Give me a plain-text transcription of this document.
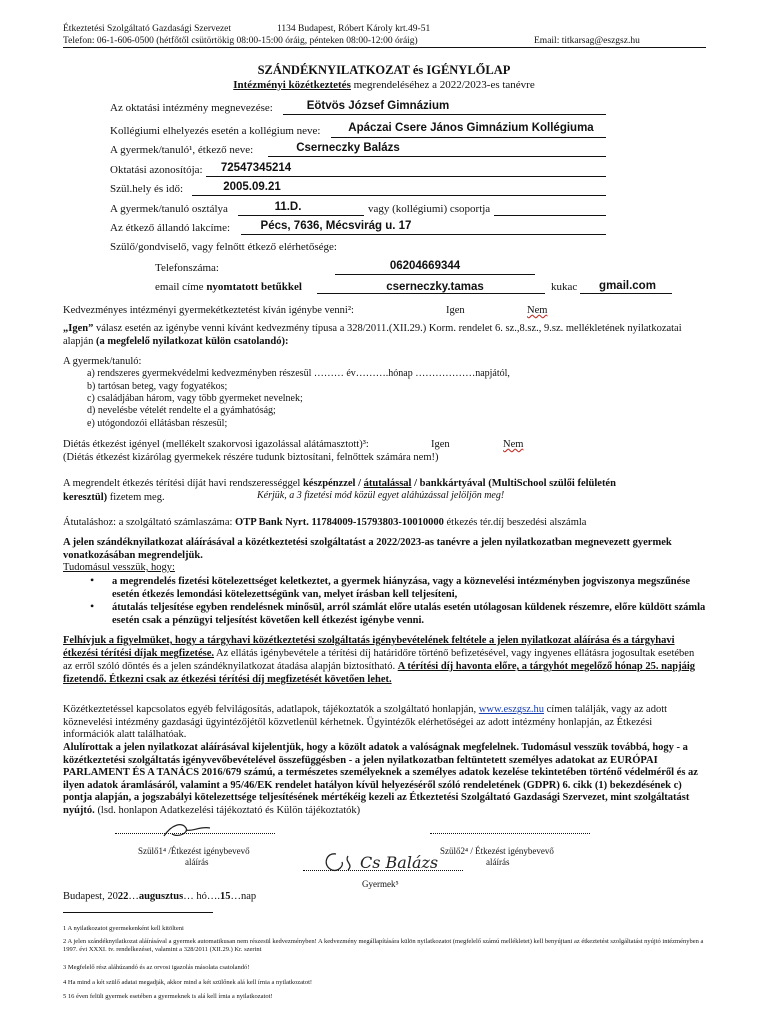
Étkeztetési Szolgáltató Gazdasági Szervezet	1134 Budapest, Róbert Károly krt.49-51
Telefon: 06-1-606-0500 (hétfőtől csütörtökig 08:00-15:00 óráig, pénteken 08:00-12:00 óráig)	Email: titkarsag@eszgsz.hu
SZÁNDÉKNYILATKOZAT és IGÉNYLŐLAP
Intézményi közétkeztetés megrendeléséhez a 2022/2023-es tanévre
Az oktatási intézmény megnevezése:	Eötvös József Gimnázium
Kollégiumi elhelyezés esetén a kollégium neve:	Apáczai Csere János Gimnázium Kollégiuma
A gyermek/tanuló¹, étkező neve:	Cserneczky Balázs
Oktatási azonosítója:	72547345214
Szül.hely és idő:	2005.09.21
A gyermek/tanuló osztálya	11.D.	vagy (kollégiumi) csoportja
Az étkező állandó lakcíme:	Pécs, 7636, Mécsvirág u. 17
Szülő/gondviselő, vagy felnőtt étkező elérhetősége:
Telefonszáma:	06204669344
email címe nyomtatott betűkkel	cserneczky.tamas	kukac	gmail.com
Kedvezményes intézményi gyermekétkeztetést kíván igénybe venni²:	Igen	Nem
„Igen” válasz esetén az igénybe venni kívánt kedvezmény típusa a 328/2011.(XII.29.) Korm. rendelet 6. sz.,8.sz., 9.sz. mellékletének nyilatkozatai alapján (a megfelelő nyilatkozat külön csatolandó):
A gyermek/tanuló:
a) rendszeres gyermekvédelmi kedvezményben részesül ……… év……….hónap ………………napjától,
b) tartósan beteg, vagy fogyatékos;
c) családjában három, vagy több gyermeket nevelnek;
d) nevelésbe vételét rendelte el a gyámhatóság;
e) utógondozói ellátásban részesül;
Diétás étkezést igényel (mellékelt szakorvosi igazolással alátámasztott)³:	Igen	Nem
(Diétás étkezést kizárólag gyermekek részére tudunk biztosítani, felnőttek számára nem!)
A megrendelt étkezés térítési díját havi rendszerességgel készpénzzel / átutalással / bankkártyával (MultiSchool szülői felületén
keresztül) fizetem meg.	Kérjük, a 3 fizetési mód közül egyet aláhúzással jelöljön meg!
Átutaláshoz: a szolgáltató számlaszáma: OTP Bank Nyrt. 11784009-15793803-10010000 étkezés tér.díj beszedési alszámla
A jelen szándéknyilatkozat aláírásával a közétkeztetési szolgáltatást a 2022/2023-as tanévre a jelen nyilatkozatban megnevezett gyermek vonatkozásában megrendeljük.
Tudomásul vesszük, hogy:
• a megrendelés fizetési kötelezettséget keletkeztet, a gyermek hiányzása, vagy a köznevelési intézményben jogviszonya megszűnése esetén étkezés lemondási kötelezettségünk van, melyet írásban kell teljesíteni,
• átutalás teljesítése egyben rendelésnek minősül, arról számlát előre utalás esetén utólagosan küldenek részemre, előre küldött számla esetén csak a pénzügyi teljesítést követően kell étkezést igénybe venni.
Felhívjuk a figyelmüket, hogy a tárgyhavi közétkeztetési szolgáltatás igénybevételének feltétele a jelen nyilatkozat aláírása és a tárgyhavi étkezési térítési díjak megfizetése. Az ellátás igénybevétele a térítési díj határidőre történő befizetésével, vagy ingyenes ellátásra jogosultak esetében az erről szóló döntés és a jelen szándéknyilatkozat átadása alapján biztosítható. A térítési díj havonta előre, a tárgyhót megelőző hónap 25. napjáig fizetendő. Étkezni csak az étkezési térítési díj megfizetését követően lehet.
Közétkeztetéssel kapcsolatos egyéb felvilágosítás, adatlapok, tájékoztatók a szolgáltató honlapján, www.eszgsz.hu címen találják, vagy az adott köznevelési intézmény gazdasági ügyintézőjétől közvetlenül kérhetnek. Ügyintézők elérhetőségei az adott intézmény honlapján, az Étkezési információk alatt találhatóak.
Alulírottak a jelen nyilatkozat aláírásával kijelentjük, hogy a közölt adatok a valóságnak megfelelnek. Tudomásul vesszük továbbá, hogy - a közétkeztetési szolgáltatás igényvevőbevételével összefüggésben - a jelen nyilatkozatban feltüntetett személyes adatokat az EURÓPAI PARLAMENT ÉS A TANÁCS 2016/679 számú, a természetes személyeknek a személyes adatok kezelése tekintetében történő védelméről és az ilyen adatok áramlásáról, valamint a 95/46/EK rendelet hatályon kívül helyezéséről szóló rendeletének (GDPR) 6. cikk (1) bekezdésének c) pontja alapján, a jogszabályi kötelezettsége teljesítésének mértékéig kezeli az Étkeztetési Szolgáltató Gazdasági Szervezet, mint szolgáltatást nyújtó. (lsd. honlapon Adatkezelési tájékoztató és Külön tájékoztatók)
Szülő1⁴ /Étkezést igénybevevő
aláírás
Szülő2⁴ / Étkezést igénybevevő
aláírás
Cs Balázs
Gyermek⁵
Budapest, 2022…augusztus… hó….15…nap
1 A nyilatkozatot gyermekenként kell kitölteni
2 A jelen szándéknyilatkozat aláírásával a gyermek automatikusan nem részesül kedvezményben! A kedvezmény megállapítására külön nyilatkozatot (megfelelő számú mellékletet) kell benyújtani az étkeztetést szolgáltatást nyújtó intézményben a 1997. évi XXXI. tv. rendelkezései, valamint a 328/2011 (XII.29.) Kr. szerint
3 Megfelelő rész aláhúzandó és az orvosi igazolás másolata csatolandó!
4 Ha mind a két szülő adatai megadják, akkor mind a két szülőnek alá kell írnia a nyilatkozatot!
5 16 éven felüli gyermek esetében a gyermeknek is alá kell írnia a nyilatkozatot!
